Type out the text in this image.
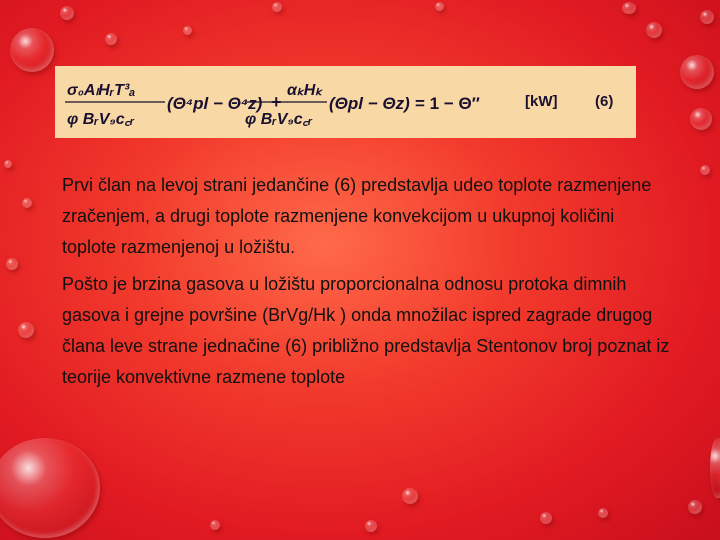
σ₀AₗHᵣT³ₐ
φ BᵣV₉c꜀ᵣ
(Θ⁴pl − Θ⁴z) +
αₖHₖ
φ BᵣV₉c꜀ᵣ
(Θpl − Θz) = 1 − Θ″	[kW]	(6)

Prvi član na levoj strani jedančine (6) predstavlja udeo toplote razmenjene zračenjem, a drugi toplote razmenjene konvekcijom u ukupnoj količini toplote razmenjenoj u ložištu.

Pošto je brzina gasova u ložištu proporcionalna odnosu protoka dimnih gasova i grejne površine (BrVg/Hk ) onda množilac ispred zagrade drugog člana leve strane jednačine (6) približno predstavlja Stentonov broj poznat iz teorije konvektivne razmene toplote
